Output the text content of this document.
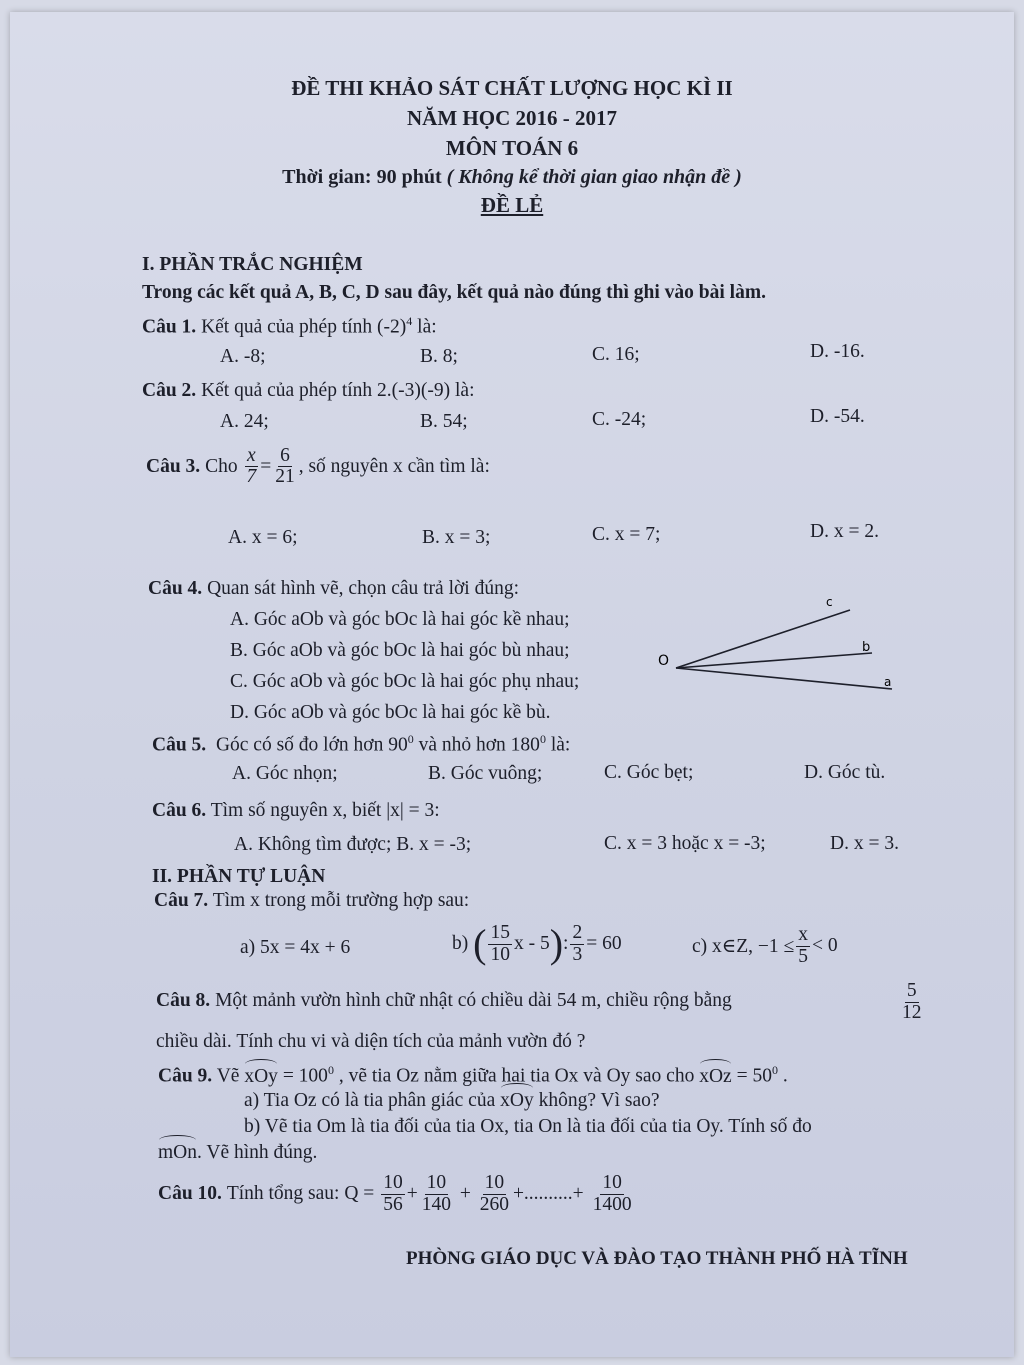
ĐỀ THI KHẢO SÁT CHẤT LƯỢNG HỌC KÌ II
NĂM HỌC 2016 - 2017
MÔN TOÁN 6
Thời gian: 90 phút ( Không kể thời gian giao nhận đề )
ĐỀ LẺ
I. PHẦN TRẮC NGHIỆM
Trong các kết quả A, B, C, D sau đây, kết quả nào đúng thì ghi vào bài làm.
Câu 1. Kết quả của phép tính $(-2)^4$ là:
A. -8;	B. 8;	C. 16;	D. -16.
Câu 2. Kết quả của phép tính 2.(-3)(-9) là:
A. 24;	B. 54;	C. -24;	D. -54.
Câu 3.
Cho
$\frac{x}{7} = \frac{6}{21}$ , số nguyên x cần tìm là:
A. x = 6;	B. x = 3;	C. x = 7;	D. x = 2.
Câu 4. Quan sát hình vẽ, chọn câu trả lời đúng:
A. Góc aOb và góc bOc là hai góc kề nhau;
B. Góc aOb và góc bOc là hai góc bù nhau;
C. Góc aOb và góc bOc là hai góc phụ nhau;
D. Góc aOb và góc bOc là hai góc kề bù.
O
c
b
a
Câu 5. Góc có số đo lớn hơn $90^0$ và nhỏ hơn $180^0$ là:
A. Góc nhọn;	B. Góc vuông;	C. Góc bẹt;	D. Góc tù.
Câu 6. Tìm số nguyên x, biết |x| = 3:
A. Không tìm được; B. x = -3;	C. x = 3 hoặc x = -3;	D. x = 3.
II. PHẦN TỰ LUẬN
Câu 7. Tìm x trong mỗi trường hợp sau:
a) 5x = 4x + 6	b)
( $\frac{15}{10}$ x - 5 ) : $\frac{2}{3} = 60$	c) x∈Z, $-1 \le \frac{x}{5} < 0$
Câu 8. Một mảnh vườn hình chữ nhật có chiều dài 54 m, chiều rộng bằng	$\frac{5}{12}$
chiều dài. Tính chu vi và diện tích của mảnh vườn đó ?
Câu 9. Vẽ xOy = $100^0$ , vẽ tia Oz nằm giữa hai tia Ox và Oy sao cho xOz = $50^0$ .
a) Tia Oz có là tia phân giác của xOy không? Vì sao?
b) Vẽ tia Om là tia đối của tia Ox, tia On là tia đối của tia Oy. Tính số đo
mOn. Vẽ hình đúng.
Câu 10.
Tính tổng sau: Q =
$\frac{10}{56} + \frac{10}{140}$
+
$\frac{10}{260}$ +..........+
$\frac{10}{1400}$
PHÒNG GIÁO DỤC VÀ ĐÀO TẠO THÀNH PHỐ HÀ TĨNH
